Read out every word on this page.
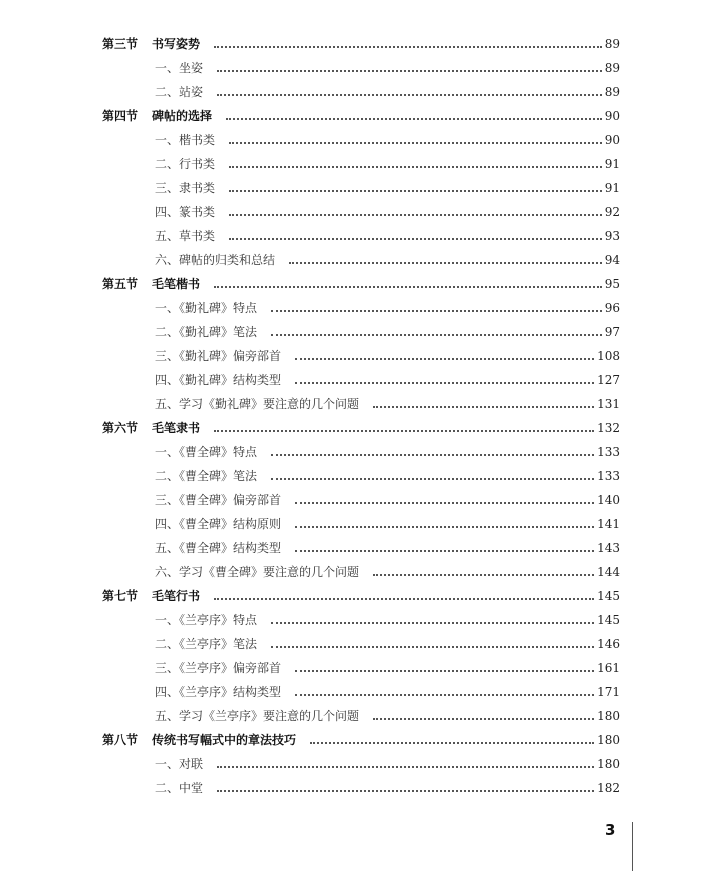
第三节 书写姿势	89
一、坐姿	89
二、站姿	89
第四节 碑帖的选择	90
一、楷书类	90
二、行书类	91
三、隶书类	91
四、篆书类	92
五、草书类	93
六、碑帖的归类和总结	94
第五节 毛笔楷书	95
一、《勤礼碑》特点	96
二、《勤礼碑》笔法	97
三、《勤礼碑》偏旁部首	108
四、《勤礼碑》结构类型	127
五、学习《勤礼碑》要注意的几个问题	131
第六节 毛笔隶书	132
一、《曹全碑》特点	133
二、《曹全碑》笔法	133
三、《曹全碑》偏旁部首	140
四、《曹全碑》结构原则	141
五、《曹全碑》结构类型	143
六、学习《曹全碑》要注意的几个问题	144
第七节 毛笔行书	145
一、《兰亭序》特点	145
二、《兰亭序》笔法	146
三、《兰亭序》偏旁部首	161
四、《兰亭序》结构类型	171
五、学习《兰亭序》要注意的几个问题	180
第八节 传统书写幅式中的章法技巧	180
一、对联	180
二、中堂	182
3
